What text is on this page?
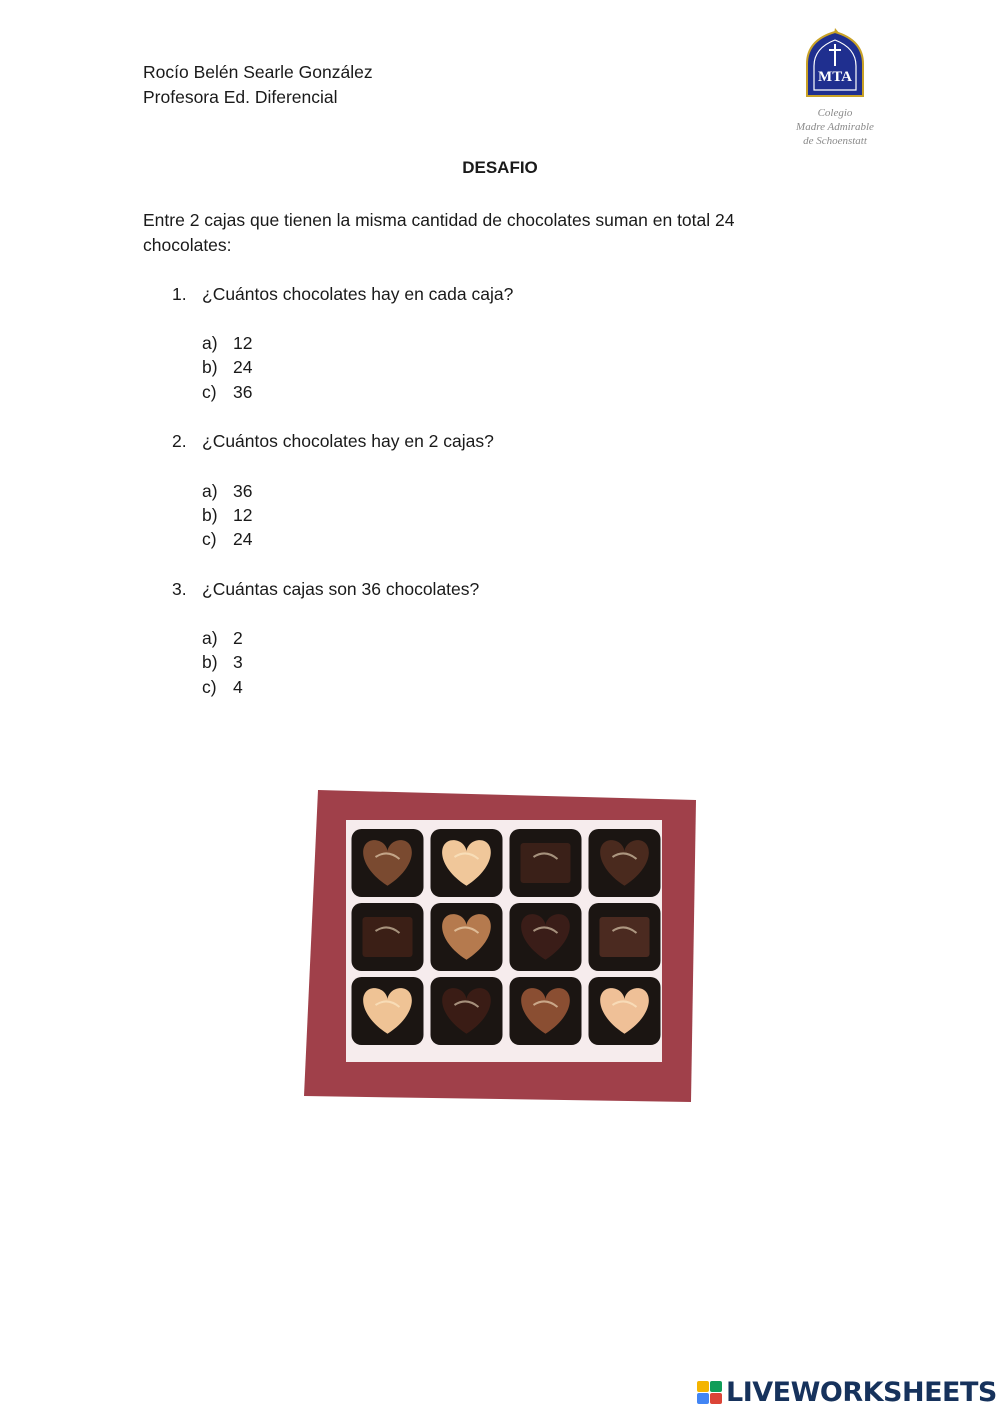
Rocío Belén Searle González
Profesora Ed. Diferencial
MTA
Colegio
Madre Admirable
de Schoenstatt
DESAFIO
Entre 2 cajas que tienen la misma cantidad de chocolates suman en total 24 chocolates:
1. ¿Cuántos chocolates hay en cada caja?
a) 12
b) 24
c) 36
2. ¿Cuántos chocolates hay en 2 cajas?
a) 36
b) 12
c) 24
3. ¿Cuántas cajas son 36 chocolates?
a) 2
b) 3
c) 4
LIVEWORKSHEETS
